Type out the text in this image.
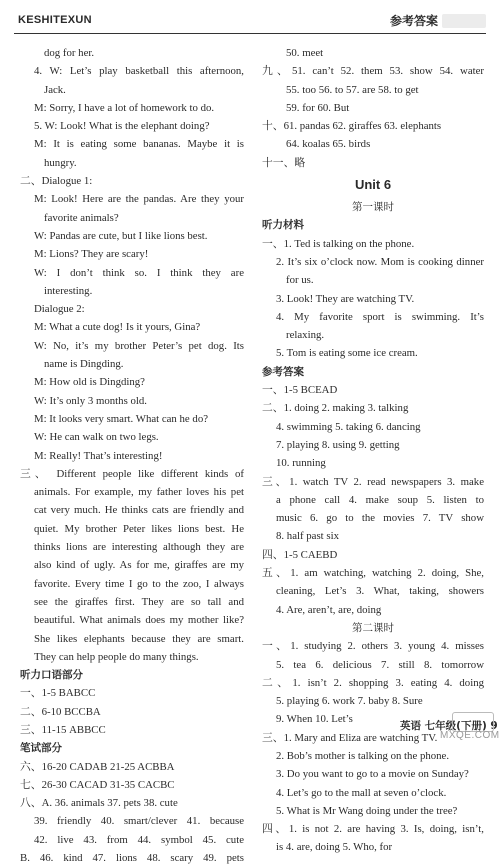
KESHITEXUN	参考答案
dog for her.
4. W: Let’s play basketball this afternoon,
Jack.
M: Sorry, I have a lot of homework to do.
5. W: Look! What is the elephant doing?
M: It is eating some bananas. Maybe it is
hungry.
二、Dialogue 1:
M: Look! Here are the pandas. Are they your
favorite animals?
W: Pandas are cute, but I like lions best.
M: Lions? They are scary!
W: I don’t think so. I think they are
interesting.
Dialogue 2:
M: What a cute dog! Is it yours, Gina?
W: No, it’s my brother Peter’s pet dog. Its
name is Dingding.
M: How old is Dingding?
W: It’s only 3 months old.
M: It looks very smart. What can he do?
W: He can walk on two legs.
M: Really! That’s interesting!
三、 Different people like different kinds of
animals. For example, my father loves his pet
cat very much. He thinks cats are friendly and
quiet. My brother Peter likes lions best. He
thinks lions are interesting although they are
also kind of ugly. As for me, giraffes are my
favorite. Every time I go to the zoo, I always
see the giraffes first. They are so tall and
beautiful. What animals does my mother like?
She likes elephants because they are smart.
They can help people do many things.
听力口语部分
一、1-5 BABCC
二、6-10 BCCBA
三、11-15 ABBCC
笔试部分
六、16-20 CADAB 21-25 ACBBA
七、26-30 CACAD 31-35 CACBC
八、A. 36. animals 37. pets 38. cute
39. friendly 40. smart/clever 41. because
42. live 43. from 44. symbol 45. cute
B. 46. kind 47. lions 48. scary 49. pets
50. meet
九、51. can’t 52. them 53. show 54. water
55. too 56. to 57. are 58. to get
59. for 60. But
十、61. pandas 62. giraffes 63. elephants
64. koalas 65. birds
十一、略
Unit 6
第一课时
听力材料
一、1. Ted is talking on the phone.
2. It’s six o’clock now. Mom is cooking dinner
for us.
3. Look! They are watching TV.
4. My favorite sport is swimming. It’s
relaxing.
5. Tom is eating some ice cream.
参考答案
一、1-5 BCEAD
二、1. doing 2. making 3. talking
4. swimming 5. taking 6. dancing
7. playing 8. using 9. getting
10. running
三、1. watch TV 2. read newspapers 3. make
a phone call 4. make soup 5. listen to
music 6. go to the movies 7. TV show
8. half past six
四、1-5 CAEBD
五、1. am watching, watching 2. doing, She,
cleaning, Let’s 3. What, taking, showers
4. Are, aren’t, are, doing
第二课时
一、1. studying 2. others 3. young 4. misses
5. tea 6. delicious 7. still 8. tomorrow
二、1. isn’t 2. shopping 3. eating 4. doing
5. playing 6. work 7. baby 8. Sure
9. When 10. Let’s
三、1. Mary and Eliza are watching TV.
2. Bob’s mother is talking on the phone.
3. Do you want to go to a movie on Sunday?
4. Let’s go to the mall at seven o’clock.
5. What is Mr Wang doing under the tree?
四、1. is not 2. are having 3. Is, doing, isn’t,
is 4. are, doing 5. Who, for
英语 七年级(下册) 9
MXQE.COM
